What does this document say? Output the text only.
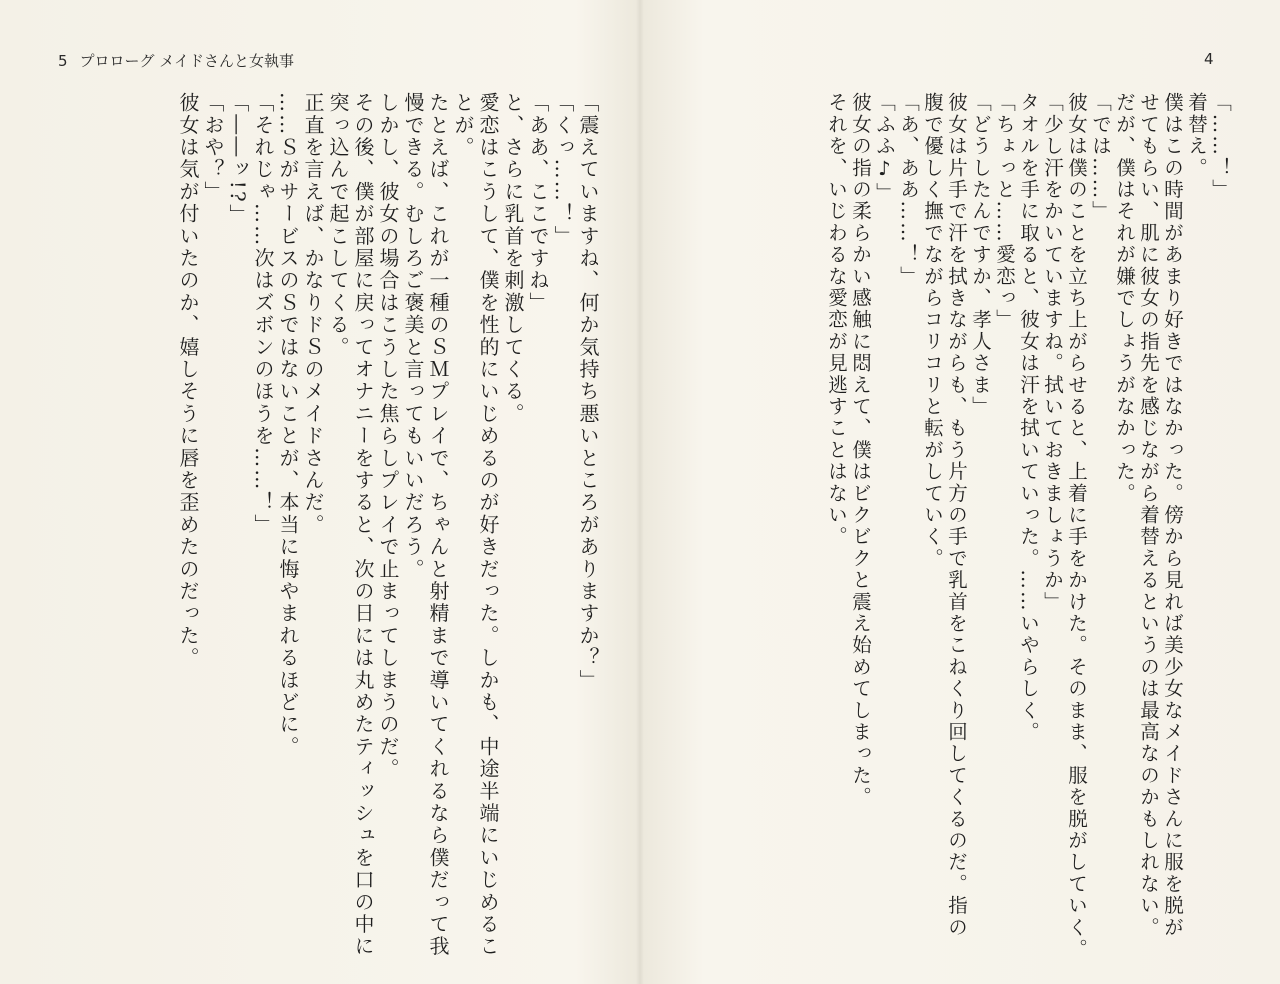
5 プロローグ メイドさんと女執事
「震えていますね、何か気持ち悪いところがありますか？」
「くっ……！」
「ああ、ここですね」
と、さらに乳首を刺激してくる。
愛恋はこうして、僕を性的にいじめるのが好きだった。しかも、中途半端にいじめるこ
とが。
たとえば、これが一種のＳＭプレイで、ちゃんと射精まで導いてくれるなら僕だって我
慢できる。むしろご褒美と言ってもいいだろう。
しかし、彼女の場合はこうした焦らしプレイで止まってしまうのだ。
その後、僕が部屋に戻ってオナニーをすると、次の日には丸めたティッシュを口の中に
突っ込んで起こしてくる。
正直を言えば、かなりドＳのメイドさんだ。
……ＳがサービスのＳではないことが、本当に悔やまれるほどに。
「それじゃ……次はズボンのほうを……！」
「――ッ!?」
「おや？」
彼女は気が付いたのか、嬉しそうに唇を歪めたのだった。
4
「……！」
着替え。
僕はこの時間があまり好きではなかった。傍から見れば美少女なメイドさんに服を脱が
せてもらい、肌に彼女の指先を感じながら着替えるというのは最高なのかもしれない。
だが、僕はそれが嫌でしょうがなかった。
「では……」
彼女は僕のことを立ち上がらせると、上着に手をかけた。そのまま、服を脱がしていく。
「少し汗をかいていますね。拭いておきましょうか」
タオルを手に取ると、彼女は汗を拭いていった。……いやらしく。
「ちょっと……愛恋っ」
「どうしたんですか、孝人さま」
彼女は片手で汗を拭きながらも、もう片方の手で乳首をこねくり回してくるのだ。指の
腹で優しく撫でながらコリコリと転がしていく。
「あ、ああ……！」
「ふふ♪」
彼女の指の柔らかい感触に悶えて、僕はビクビクと震え始めてしまった。
それを、いじわるな愛恋が見逃すことはない。
